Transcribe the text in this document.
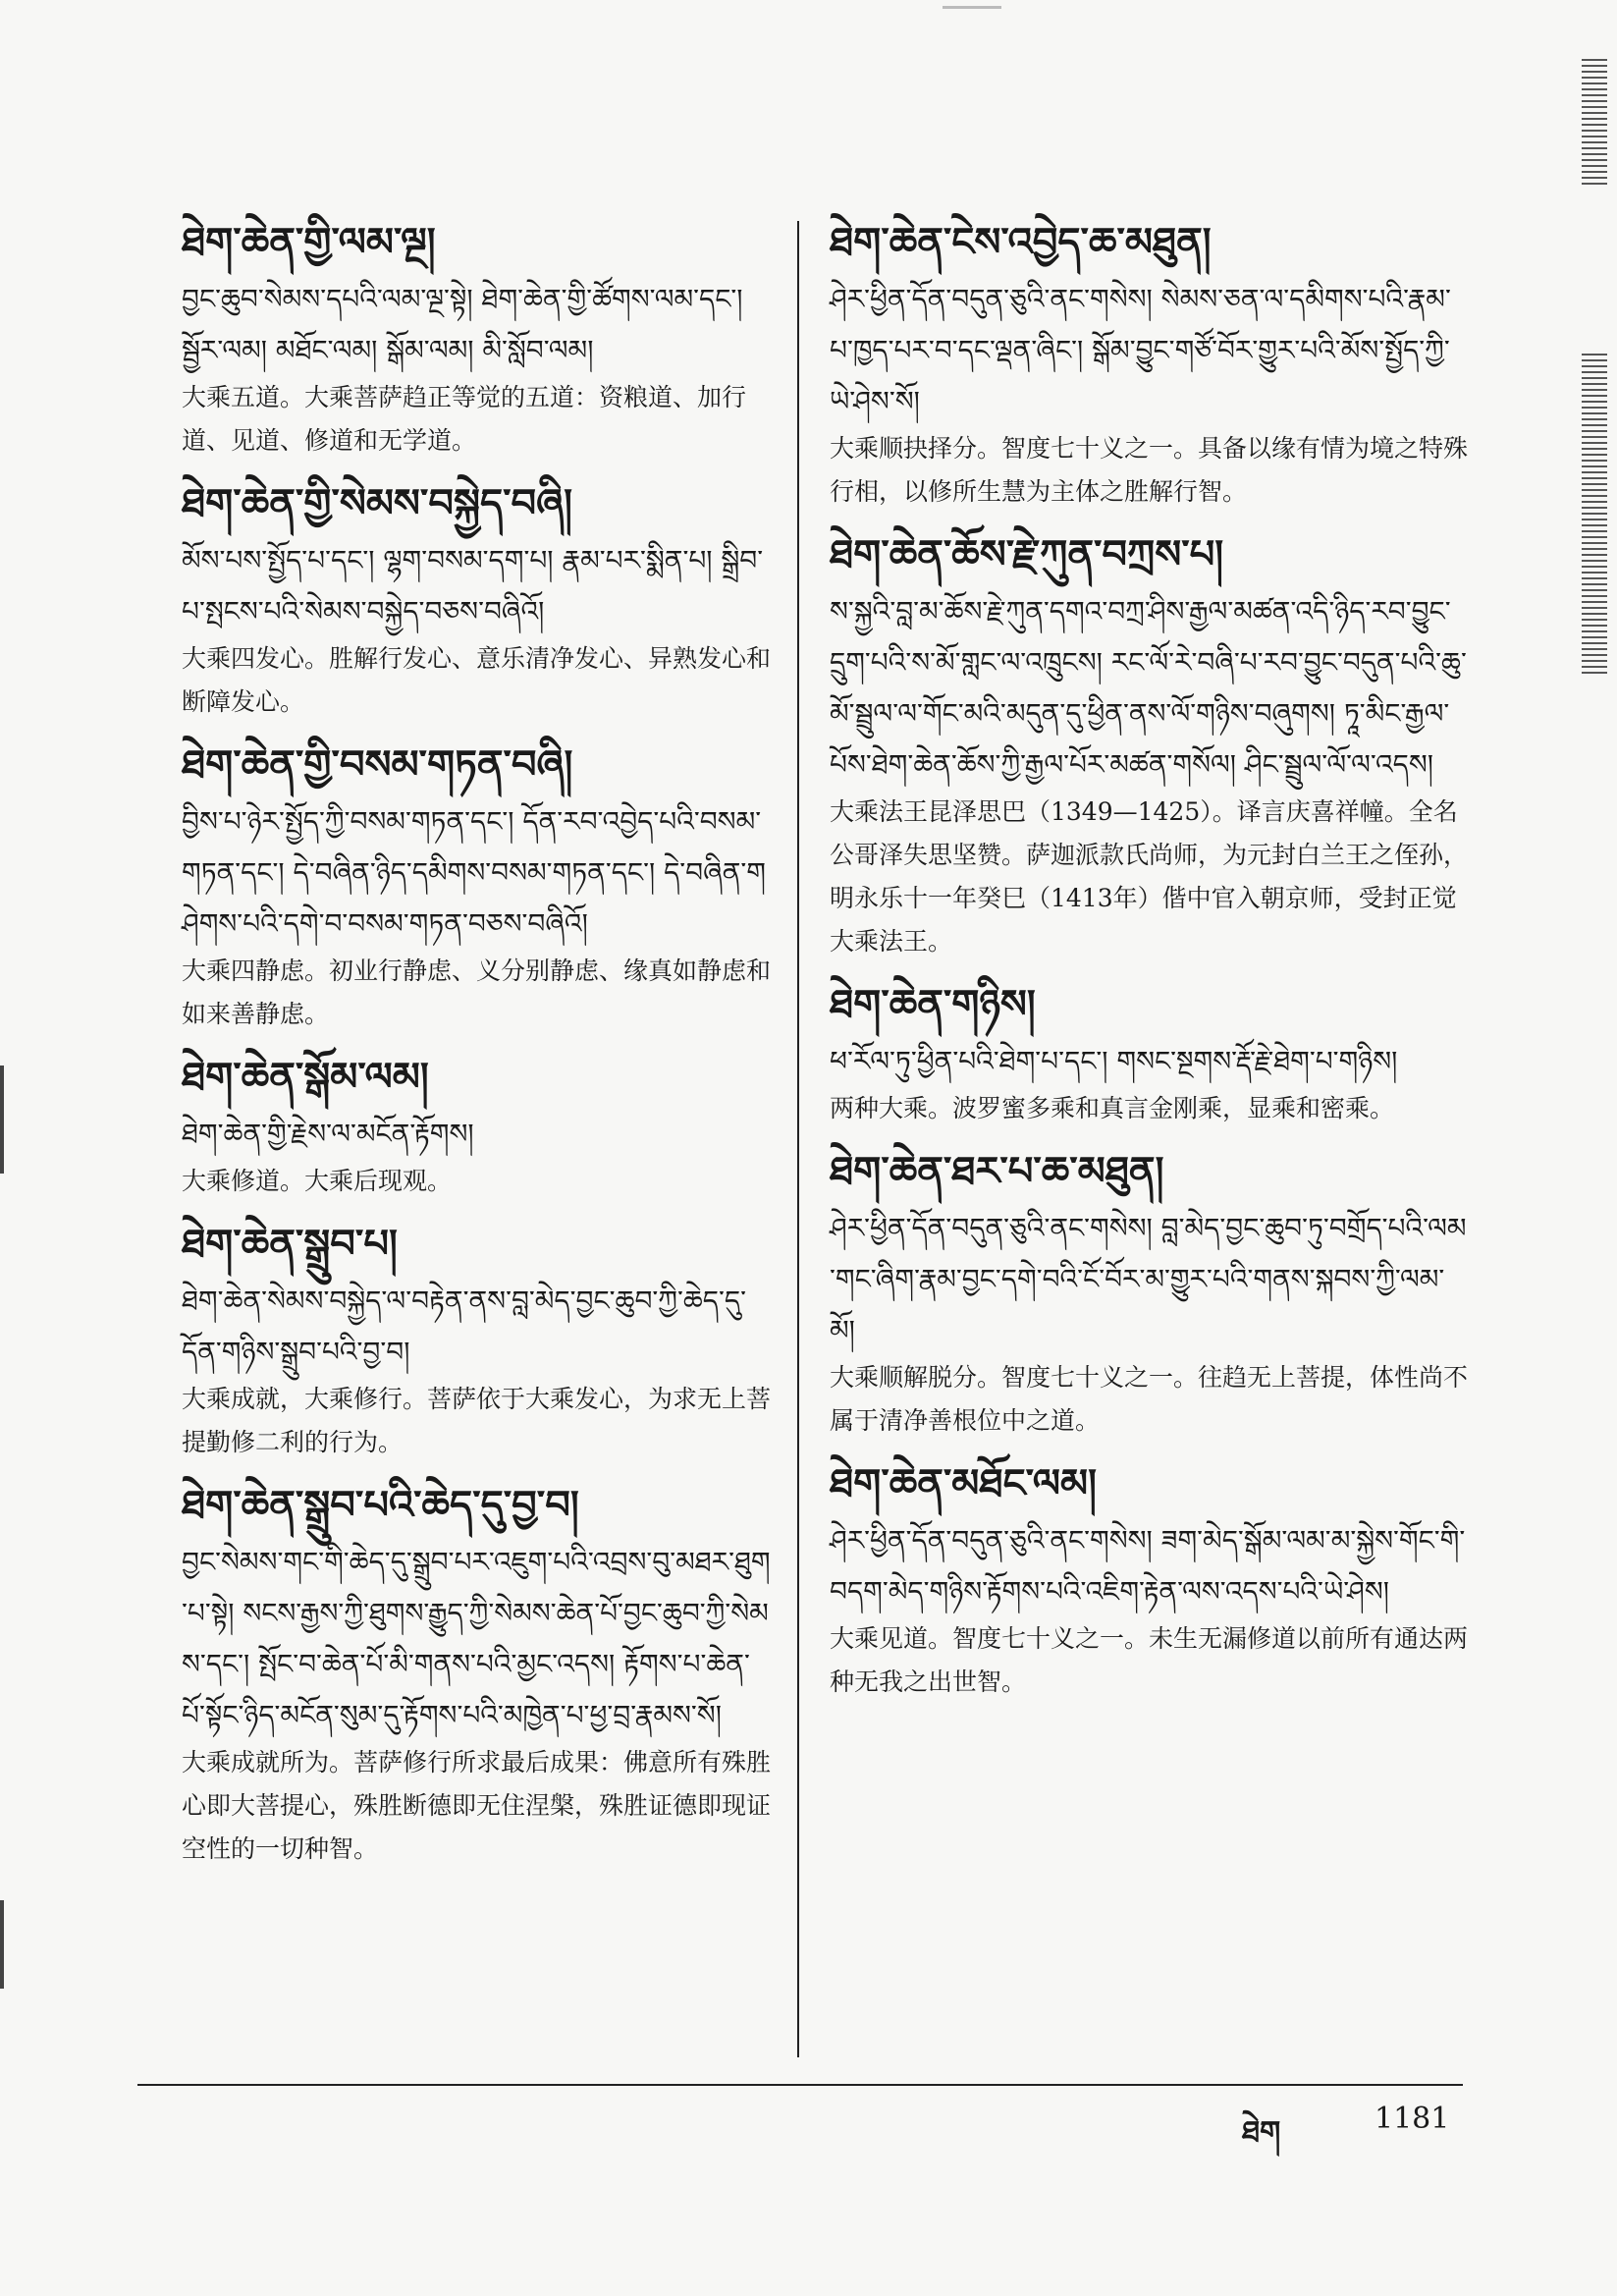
ཐེག་ཆེན་གྱི་ལམ་ལྔ།
བྱང་ཆུབ་སེམས་དཔའི་ལམ་ལྔ་སྟེ། ཐེག་ཆེན་གྱི་ཚོགས་ལམ་དང་། སྦྱོར་ལམ། མཐོང་ལམ། སྒོམ་ལམ། མི་སློབ་ལམ།
大乘五道。大乘菩萨趋正等觉的五道：资粮道、加行道、见道、修道和无学道。
ཐེག་ཆེན་གྱི་སེམས་བསྐྱེད་བཞི།
མོས་པས་སྤྱོད་པ་དང་། ལྷག་བསམ་དག་པ། རྣམ་པར་སྨིན་པ། སྒྲིབ་པ་སྤངས་པའི་སེམས་བསྐྱེད་བཅས་བཞིའོ།
大乘四发心。胜解行发心、意乐清净发心、异熟发心和断障发心。
ཐེག་ཆེན་གྱི་བསམ་གཏན་བཞི།
བྱིས་པ་ཉེར་སྤྱོད་ཀྱི་བསམ་གཏན་དང་། དོན་རབ་འབྱེད་པའི་བསམ་གཏན་དང་། དེ་བཞིན་ཉིད་དམིགས་བསམ་གཏན་དང་། དེ་བཞིན་གཤེགས་པའི་དགེ་བ་བསམ་གཏན་བཅས་བཞིའོ།
大乘四静虑。初业行静虑、义分别静虑、缘真如静虑和如来善静虑。
ཐེག་ཆེན་སྒོམ་ལམ།
ཐེག་ཆེན་གྱི་རྗེས་ལ་མངོན་རྟོགས།
大乘修道。大乘后现观。
ཐེག་ཆེན་སྒྲུབ་པ།
ཐེག་ཆེན་སེམས་བསྐྱེད་ལ་བརྟེན་ནས་བླ་མེད་བྱང་ཆུབ་ཀྱི་ཆེད་དུ་དོན་གཉིས་སྒྲུབ་པའི་བྱ་བ།
大乘成就，大乘修行。菩萨依于大乘发心，为求无上菩提勤修二利的行为。
ཐེག་ཆེན་སྒྲུབ་པའི་ཆེད་དུ་བྱ་བ།
བྱང་སེམས་གང་གི་ཆེད་དུ་སྒྲུབ་པར་འཇུག་པའི་འབྲས་བུ་མཐར་ཐུག་པ་སྟེ། སངས་རྒྱས་ཀྱི་ཐུགས་རྒྱུད་ཀྱི་སེམས་ཆེན་པོ་བྱང་ཆུབ་ཀྱི་སེམས་དང་། སྤོང་བ་ཆེན་པོ་མི་གནས་པའི་མྱང་འདས། རྟོགས་པ་ཆེན་པོ་སྟོང་ཉིད་མངོན་སུམ་དུ་རྟོགས་པའི་མཁྱེན་པ་ཕྱ་བྲ་རྣམས་སོ།
大乘成就所为。菩萨修行所求最后成果：佛意所有殊胜心即大菩提心，殊胜断德即无住涅槃，殊胜证德即现证空性的一切种智。
ཐེག་ཆེན་ངེས་འབྱེད་ཆ་མཐུན།
ཤེར་ཕྱིན་དོན་བདུན་ཅུའི་ནང་གསེས། སེམས་ཅན་ལ་དམིགས་པའི་རྣམ་པ་ཁྱད་པར་བ་དང་ལྡན་ཞིང་། སྒོམ་བྱུང་གཙོ་བོར་གྱུར་པའི་མོས་སྤྱོད་ཀྱི་ཡེ་ཤེས་སོ།
大乘顺抉择分。智度七十义之一。具备以缘有情为境之特殊行相，以修所生慧为主体之胜解行智。
ཐེག་ཆེན་ཆོས་རྗེ་ཀུན་བཀྲས་པ།
ས་སྐྱའི་བླ་མ་ཆོས་རྗེ་ཀུན་དགའ་བཀྲ་ཤིས་རྒྱལ་མཚན་འདི་ཉིད་རབ་བྱུང་དྲུག་པའི་ས་མོ་གླང་ལ་འཁྲུངས། རང་ལོ་རེ་བཞི་པ་རབ་བྱུང་བདུན་པའི་ཆུ་མོ་སྦྲུལ་ལ་གོང་མའི་མདུན་དུ་ཕྱིན་ནས་ལོ་གཉིས་བཞུགས། ཏཱ་མིང་རྒྱལ་པོས་ཐེག་ཆེན་ཆོས་ཀྱི་རྒྱལ་པོར་མཚན་གསོལ། ཤིང་སྦྲུལ་ལོ་ལ་འདས།
大乘法王昆泽思巴（1349—1425）。译言庆喜祥幢。全名公哥泽失思坚赞。萨迦派款氏尚师，为元封白兰王之侄孙，明永乐十一年癸巳（1413年）偕中官入朝京师，受封正觉大乘法王。
ཐེག་ཆེན་གཉིས།
ཕ་རོལ་ཏུ་ཕྱིན་པའི་ཐེག་པ་དང་། གསང་སྔགས་རྡོ་རྗེ་ཐེག་པ་གཉིས།
两种大乘。波罗蜜多乘和真言金刚乘，显乘和密乘。
ཐེག་ཆེན་ཐར་པ་ཆ་མཐུན།
ཤེར་ཕྱིན་དོན་བདུན་ཅུའི་ནང་གསེས། བླ་མེད་བྱང་ཆུབ་ཏུ་བགྲོད་པའི་ལམ་གང་ཞིག་རྣམ་བྱང་དགེ་བའི་ངོ་བོར་མ་གྱུར་པའི་གནས་སྐབས་ཀྱི་ལམ་མོ།
大乘顺解脱分。智度七十义之一。往趋无上菩提，体性尚不属于清净善根位中之道。
ཐེག་ཆེན་མཐོང་ལམ།
ཤེར་ཕྱིན་དོན་བདུན་ཅུའི་ནང་གསེས། ཟག་མེད་སྒོམ་ལམ་མ་སྐྱེས་གོང་གི་བདག་མེད་གཉིས་རྟོགས་པའི་འཇིག་རྟེན་ལས་འདས་པའི་ཡེ་ཤེས།
大乘见道。智度七十义之一。未生无漏修道以前所有通达两种无我之出世智。
ཐེག	1181
